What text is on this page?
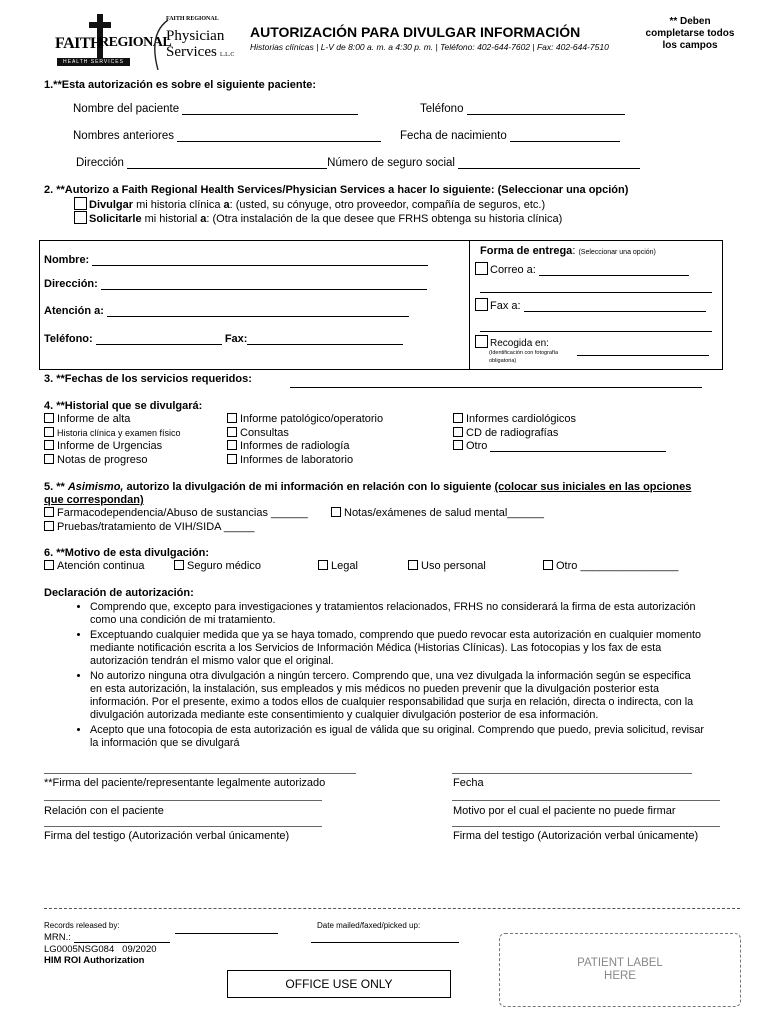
FAITH
REGIONAL
HEALTH SERVICES
FAITH REGIONAL
Physician
Services L.L.C
AUTORIZACIÓN PARA DIVULGAR INFORMACIÓN
Historias clínicas | L-V de 8:00 a. m. a 4:30 p. m. | Teléfono: 402-644-7602 | Fax: 402-644-7510
** Deben
completarse todos
los campos
1.**Esta autorización es sobre el siguiente paciente:
Nombre del paciente	Teléfono
Nombres anteriores	Fecha de nacimiento
Dirección	Número de seguro social
2. **Autorizo a Faith Regional Health Services/Physician Services a hacer lo siguiente: (Seleccionar una opción)
Divulgar mi historia clínica a: (usted, su cónyuge, otro proveedor, compañía de seguros, etc.)
Solicitarle mi historial a: (Otra instalación de la que desee que FRHS obtenga su historia clínica)
Nombre:
Dirección:
Atención a:
Teléfono:	Fax:
Forma de entrega: (Seleccionar una opción)
Correo a:
Fax a:
Recogida en:
(Identificación con fotografía
obligatoria)
3. **Fechas de los servicios requeridos:
4. **Historial que se divulgará:
Informe de alta
Historia clínica y examen físico
Informe de Urgencias
Notas de progreso
Informe patológico/operatorio
Consultas
Informes de radiología
Informes de laboratorio
Informes cardiológicos
CD de radiografías
Otro
5. ** Asimismo, autorizo la divulgación de mi información en relación con lo siguiente (colocar sus iniciales en las opciones
que correspondan)
Farmacodependencia/Abuso de sustancias ______	Notas/exámenes de salud mental______
Pruebas/tratamiento de VIH/SIDA _____
6. **Motivo de esta divulgación:
Atención continua	Seguro médico	Legal	Uso personal	Otro ________________
Declaración de autorización:
• Comprendo que, excepto para investigaciones y tratamientos relacionados, FRHS no considerará la firma de esta autorización como una condición de mi tratamiento.
• Exceptuando cualquier medida que ya se haya tomado, comprendo que puedo revocar esta autorización en cualquier momento mediante notificación escrita a los Servicios de Información Médica (Historias Clínicas). Las fotocopias y los fax de esta autorización tendrán el mismo valor que el original.
• No autorizo ninguna otra divulgación a ningún tercero. Comprendo que, una vez divulgada la información según se especifica en esta autorización, la instalación, sus empleados y mis médicos no pueden prevenir que la divulgación posterior esta información. Por el presente, eximo a todos ellos de cualquier responsabilidad que surja en relación, directa o indirecta, con la divulgación autorizada mediante este consentimiento y cualquier divulgación posterior de esa información.
• Acepto que una fotocopia de esta autorización es igual de válida que su original. Comprendo que puedo, previa solicitud, revisar la información que se divulgará
**Firma del paciente/representante legalmente autorizado	Fecha
Relación con el paciente	Motivo por el cual el paciente no puede firmar
Firma del testigo (Autorización verbal únicamente)	Firma del testigo (Autorización verbal únicamente)
Records released by:	Date mailed/faxed/picked up:
MRN.:
LG0005NSG084 09/2020
HIM ROI Authorization
OFFICE USE ONLY
PATIENT LABEL
HERE
